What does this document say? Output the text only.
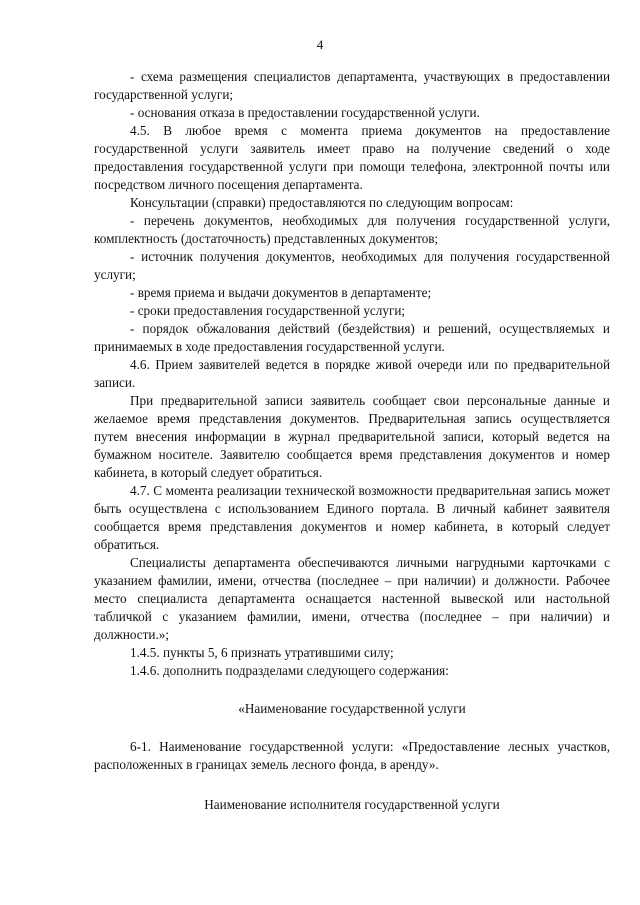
4

- схема размещения специалистов департамента, участвующих в предоставлении государственной услуги;

- основания отказа в предоставлении государственной услуги.

4.5. В любое время с момента приема документов на предоставление государственной услуги заявитель имеет право на получение сведений о ходе предоставления государственной услуги при помощи телефона, электронной почты или посредством личного посещения департамента.

Консультации (справки) предоставляются по следующим вопросам:

- перечень документов, необходимых для получения государственной услуги, комплектность (достаточность) представленных документов;

- источник получения документов, необходимых для получения государственной услуги;

- время приема и выдачи документов в департаменте;

- сроки предоставления государственной услуги;

- порядок обжалования действий (бездействия) и решений, осуществляемых и принимаемых в ходе предоставления государственной услуги.

4.6. Прием заявителей ведется в порядке живой очереди или по предварительной записи.

При предварительной записи заявитель сообщает свои персональные данные и желаемое время представления документов. Предварительная запись осуществляется путем внесения информации в журнал предварительной записи, который ведется на бумажном носителе. Заявителю сообщается время представления документов и номер кабинета, в который следует обратиться.

4.7. С момента реализации технической возможности предварительная запись может быть осуществлена с использованием Единого портала. В личный кабинет заявителя сообщается время представления документов и номер кабинета, в который следует обратиться.

Специалисты департамента обеспечиваются личными нагрудными карточками с указанием фамилии, имени, отчества (последнее – при наличии) и должности. Рабочее место специалиста департамента оснащается настенной вывеской или настольной табличкой с указанием фамилии, имени, отчества (последнее – при наличии) и должности.»;

1.4.5. пункты 5, 6 признать утратившими силу;

1.4.6. дополнить подразделами следующего содержания:

«Наименование государственной услуги

6-1. Наименование государственной услуги: «Предоставление лесных участков, расположенных в границах земель лесного фонда, в аренду».

Наименование исполнителя государственной услуги
